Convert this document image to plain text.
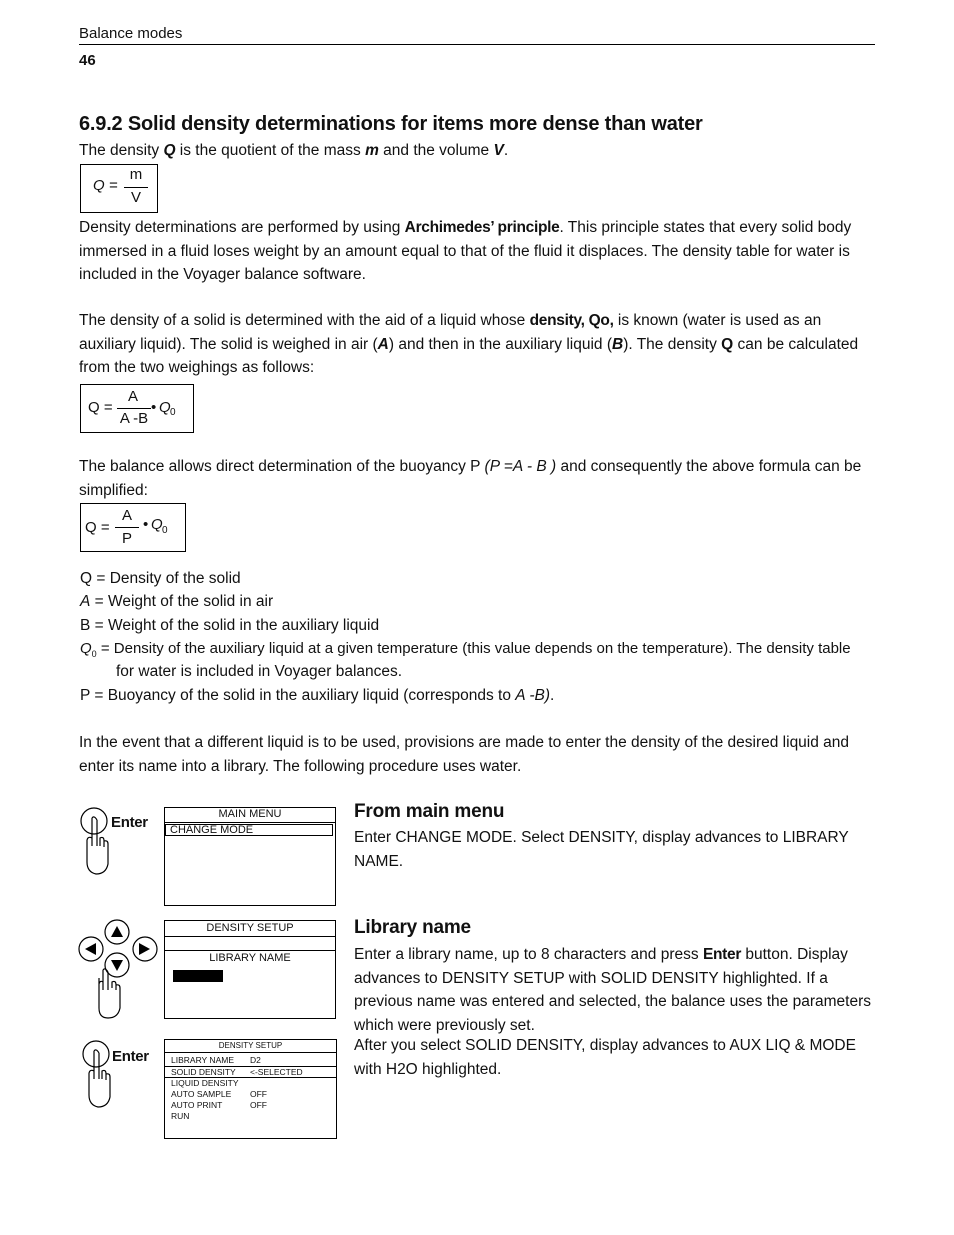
Balance modes
46
6.9.2 Solid density determinations for items more dense than water
The density Q is the quotient of the mass m and the volume V.
Q =
m
V
Density determinations are performed by using Archimedes’ principle. This principle states that every solid body immersed in a fluid loses weight by an amount equal to that of the fluid it displaces. The density table for water is included in the Voyager balance software.
The density of a solid is determined with the aid of a liquid whose density, Qo, is known (water is used as an auxiliary liquid). The solid is weighed in air (A) and then in the auxiliary liquid (B). The density Q can be calculated from the two weighings as follows:
Q =
A
A -B
• Q 0
The balance allows direct determination of the buoyancy P (P =A - B ) and consequently the above formula can be simplified:
Q =
A
P
• Q 0
Q = Density of the solid
A = Weight of the solid in air
B = Weight of the solid in the auxiliary liquid
$Q_0$ = Density of the auxiliary liquid at a given temperature (this value depends on the temperature). The density table
for water is included in Voyager balances.
P = Buoyancy of the solid in the auxiliary liquid (corresponds to A -B).
In the event that a different liquid is to be used, provisions are made to enter the density of the desired liquid and enter its name into a library. The following procedure uses water.
Enter	MAIN MENU
CHANGE MODE
From main menu
Enter CHANGE MODE. Select DENSITY, display advances to LIBRARY NAME.
DENSITY SETUP
LIBRARY NAME
Library name
Enter a library name, up to 8 characters and press Enter button. Display advances to DENSITY SETUP with SOLID DENSITY highlighted. If a previous name was entered and selected, the balance uses the parameters which were previously set.
Enter
DENSITY SETUP
LIBRARY NAME D2
SOLID DENSITY <-SELECTED
LIQUID DENSITY
AUTO SAMPLE OFF
AUTO PRINT	OFF
RUN
After you select SOLID DENSITY, display advances to AUX LIQ & MODE with H2O highlighted.
